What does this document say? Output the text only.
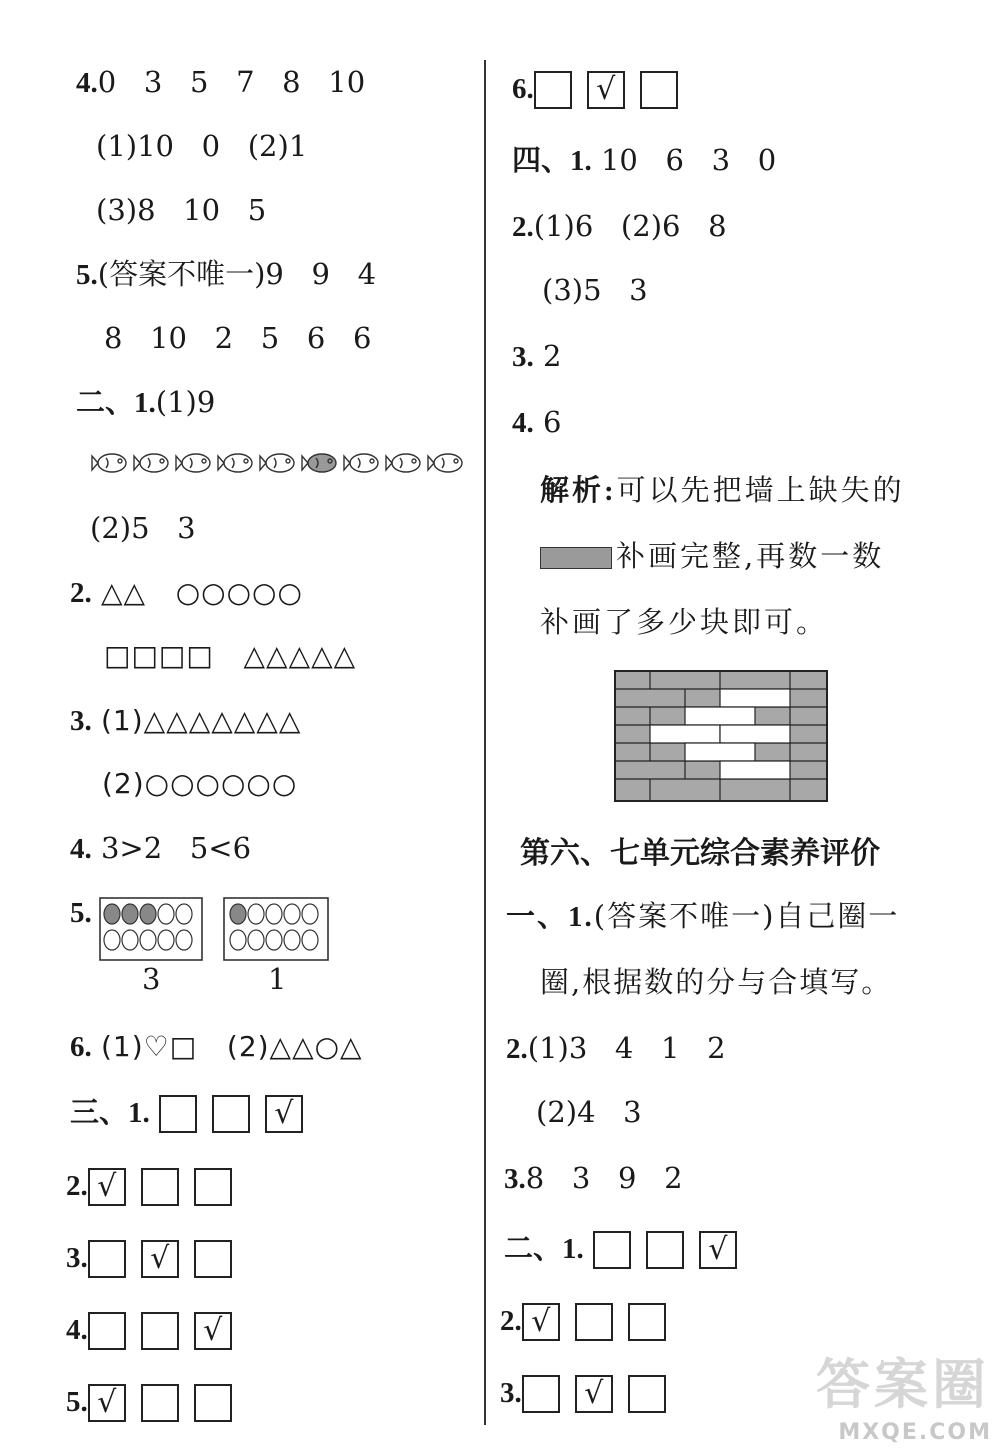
4.0   3   5   7   8   10
(1)10   0   (2)1
(3)8   10   5
5.(答案不唯一)9   9   4
8   10   2   5   6   6
二、1.(1)9
(2)5   3
2. △△   ○○○○○
□□□□   △△△△△
3. (1)△△△△△△△
(2)○○○○○○
4. 3>2   5<6
5.
3	1
6. (1)♡□   (2)△△○△
三、1.	√
2. √
3. √
4.	√
5. √
6. √
四、1. 10   6   3   0
2.(1)6   (2)6   8
(3)5   3
3. 2
4. 6
解析:可以先把墙上缺失的
补画完整,再数一数
补画了多少块即可。
第六、七单元综合素养评价
一、1.(答案不唯一)自己圈一
圈,根据数的分与合填写。
2.(1)3   4   1   2
(2)4   3
3.8   3   9   2
二、1.	√
2. √
3. √	答案圈
MXQE.COM
